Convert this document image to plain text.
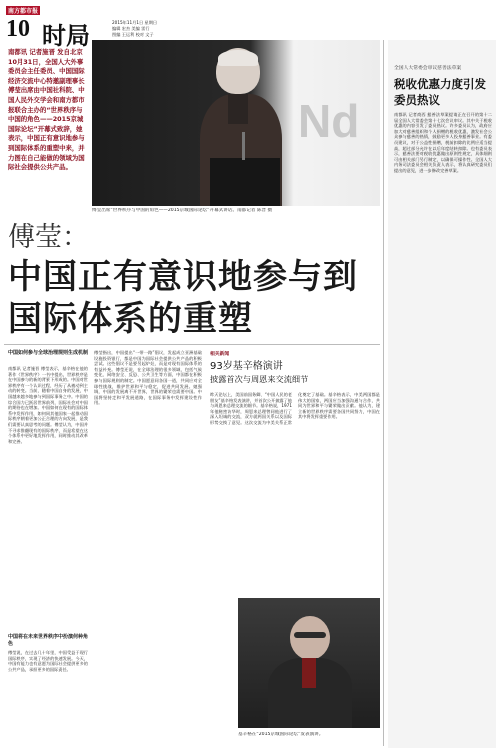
南方都市报
10 时局
2015年11月1日 星期日
编辑 宏杰 美编 雷行
图编 王运利 校对 文子
南都讯 记者施晋 发自北京 10月31日，全国人大外事委员会主任委员、中国国际经济交流中心特邀副理事长傅莹出席由中国社科院、中国人民外交学会和南方都市报联合主办的“世界秩序与中国的角色——2015京城国际论坛”开幕式致辞，她表示，中国正有意识地参与到国际体系的重塑中来，并力图在自己能做的领域为国际社会提供公共产品。
Nd
傅莹出席“世界秩序与中国的角色——2015京城国际论坛”开幕式讲话。南都记者 陈晋 摄
傅莹：
中国正有意识地参与到国际体系的重塑
全国人大常委会审议慈善法草案
税收优惠力度引发委员热议
南都讯 记者商西 慈善法草案提请正在召开的第十二届全国人大常委会第十七次会议审议。其中关于税收优惠的内容引发了委员热议。许多委员认为，政府应加大对慈善组织和个人捐赠的税收优惠，激发社会公众参与慈善的热情，鼓励更多人投身慈善事业。有委员建议，对于公益性捐赠，税前扣除的比例应适当提高，超过部分允许在以后年度结转扣除。也有委员表示，慈善法要对税收优惠做出原则性规定，具体细则可由相关部门另行制定，以确保可操作性。全国人大内务司法委员会相关负责人表示，将认真研究委员们提出的意见，进一步修改完善草案。
中国如何参与全球治理规则生成机制
南都讯 记者施晋 傅莹表示，基辛格在他的著作《世界秩序》一书中提出，世界秩序是在中国参与的新的背景下形成的。中国对世界秩序有一个认识过程，经历了从被动到主动的转变。当前，随着中国自身的发展，中国越来越多地参与到国际事务之中。中国的综合国力已跃居世界前列，国际社会对中国的期待也在增加。中国如何在现有的国际体系中发挥作用，如何同其他国家一起推动国际秩序朝着更加公正合理的方向发展，是我们需要认真思考的问题。傅莹认为，中国并不寻求推翻现有的国际秩序，而是希望在这个体系中更好地发挥作用，同时推动其改革和完善。
中国将在未来世界秩序中扮演何种角色
傅莹说，在过去几十年里，中国受益于现行国际秩序，实现了经济的快速发展。今天，中国有能力也有意愿为国际社会提供更多的公共产品，承担更多的国际责任。
傅莹指出，中国提出“一带一路”倡议，发起成立亚洲基础设施投资银行，都是中国为国际社会提供公共产品的积极尝试。这些倡议不是要另起炉灶，而是对现有国际体系的有益补充。傅莹还说，在全球治理的很多领域，包括气候变化、网络安全、反恐、公共卫生等方面，中国都在积极参与国际规则的制定。中国愿意同各国一道，共同应对全球性挑战，维护世界和平与稳定，促进共同发展。她强调，中国的发展离不开世界，世界的繁荣也需要中国。中国将坚持走和平发展道路，在国际事务中发挥建设性作用。
相关新闻
93岁基辛格演讲
披露首次与周恩来交流细节
昨天论坛上，美国前国务卿、“中国人民的老朋友”基辛格发表演讲，并首次公开披露了他与周恩来总理交流的细节。基辛格说，1971年他秘密访华时，周恩来总理曾同他进行了深入坦诚的交流，双方就两国关系以及国际形势交换了意见。这次交流为中美关系正常化奠定了基础。基辛格表示，中美两国都是伟大的国家，两国应当加强沟通与合作，共同为世界和平与繁荣做出贡献。他认为，建立新的世界秩序需要各国共同努力，中国在其中将发挥重要作用。
基辛格在“2015京城国际论坛”发表演讲。
